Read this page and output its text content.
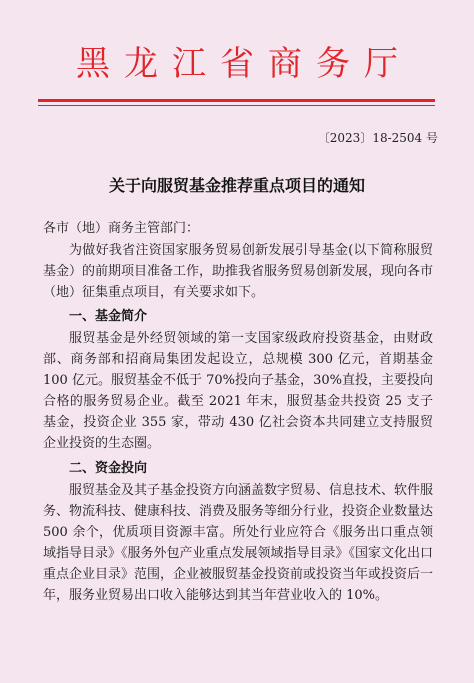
黑龙江省商务厅
〔2023〕18-2504 号
关于向服贸基金推荐重点项目的通知
各市（地）商务主管部门：
为做好我省注资国家服务贸易创新发展引导基金(以下简称服贸基金）的前期项目准备工作，助推我省服务贸易创新发展，现向各市（地）征集重点项目，有关要求如下。
一、基金简介
服贸基金是外经贸领域的第一支国家级政府投资基金，由财政部、商务部和招商局集团发起设立，总规模 300 亿元，首期基金 100 亿元。服贸基金不低于 70%投向子基金，30%直投，主要投向合格的服务贸易企业。截至 2021 年末，服贸基金共投资 25 支子基金，投资企业 355 家，带动 430 亿社会资本共同建立支持服贸企业投资的生态圈。
二、资金投向
服贸基金及其子基金投资方向涵盖数字贸易、信息技术、软件服务、物流科技、健康科技、消费及服务等细分行业，投资企业数量达 500 余个，优质项目资源丰富。所处行业应符合《服务出口重点领域指导目录》《服务外包产业重点发展领域指导目录》《国家文化出口重点企业目录》范围，企业被服贸基金投资前或投资当年或投资后一年，服务业贸易出口收入能够达到其当年营业收入的 10%。
